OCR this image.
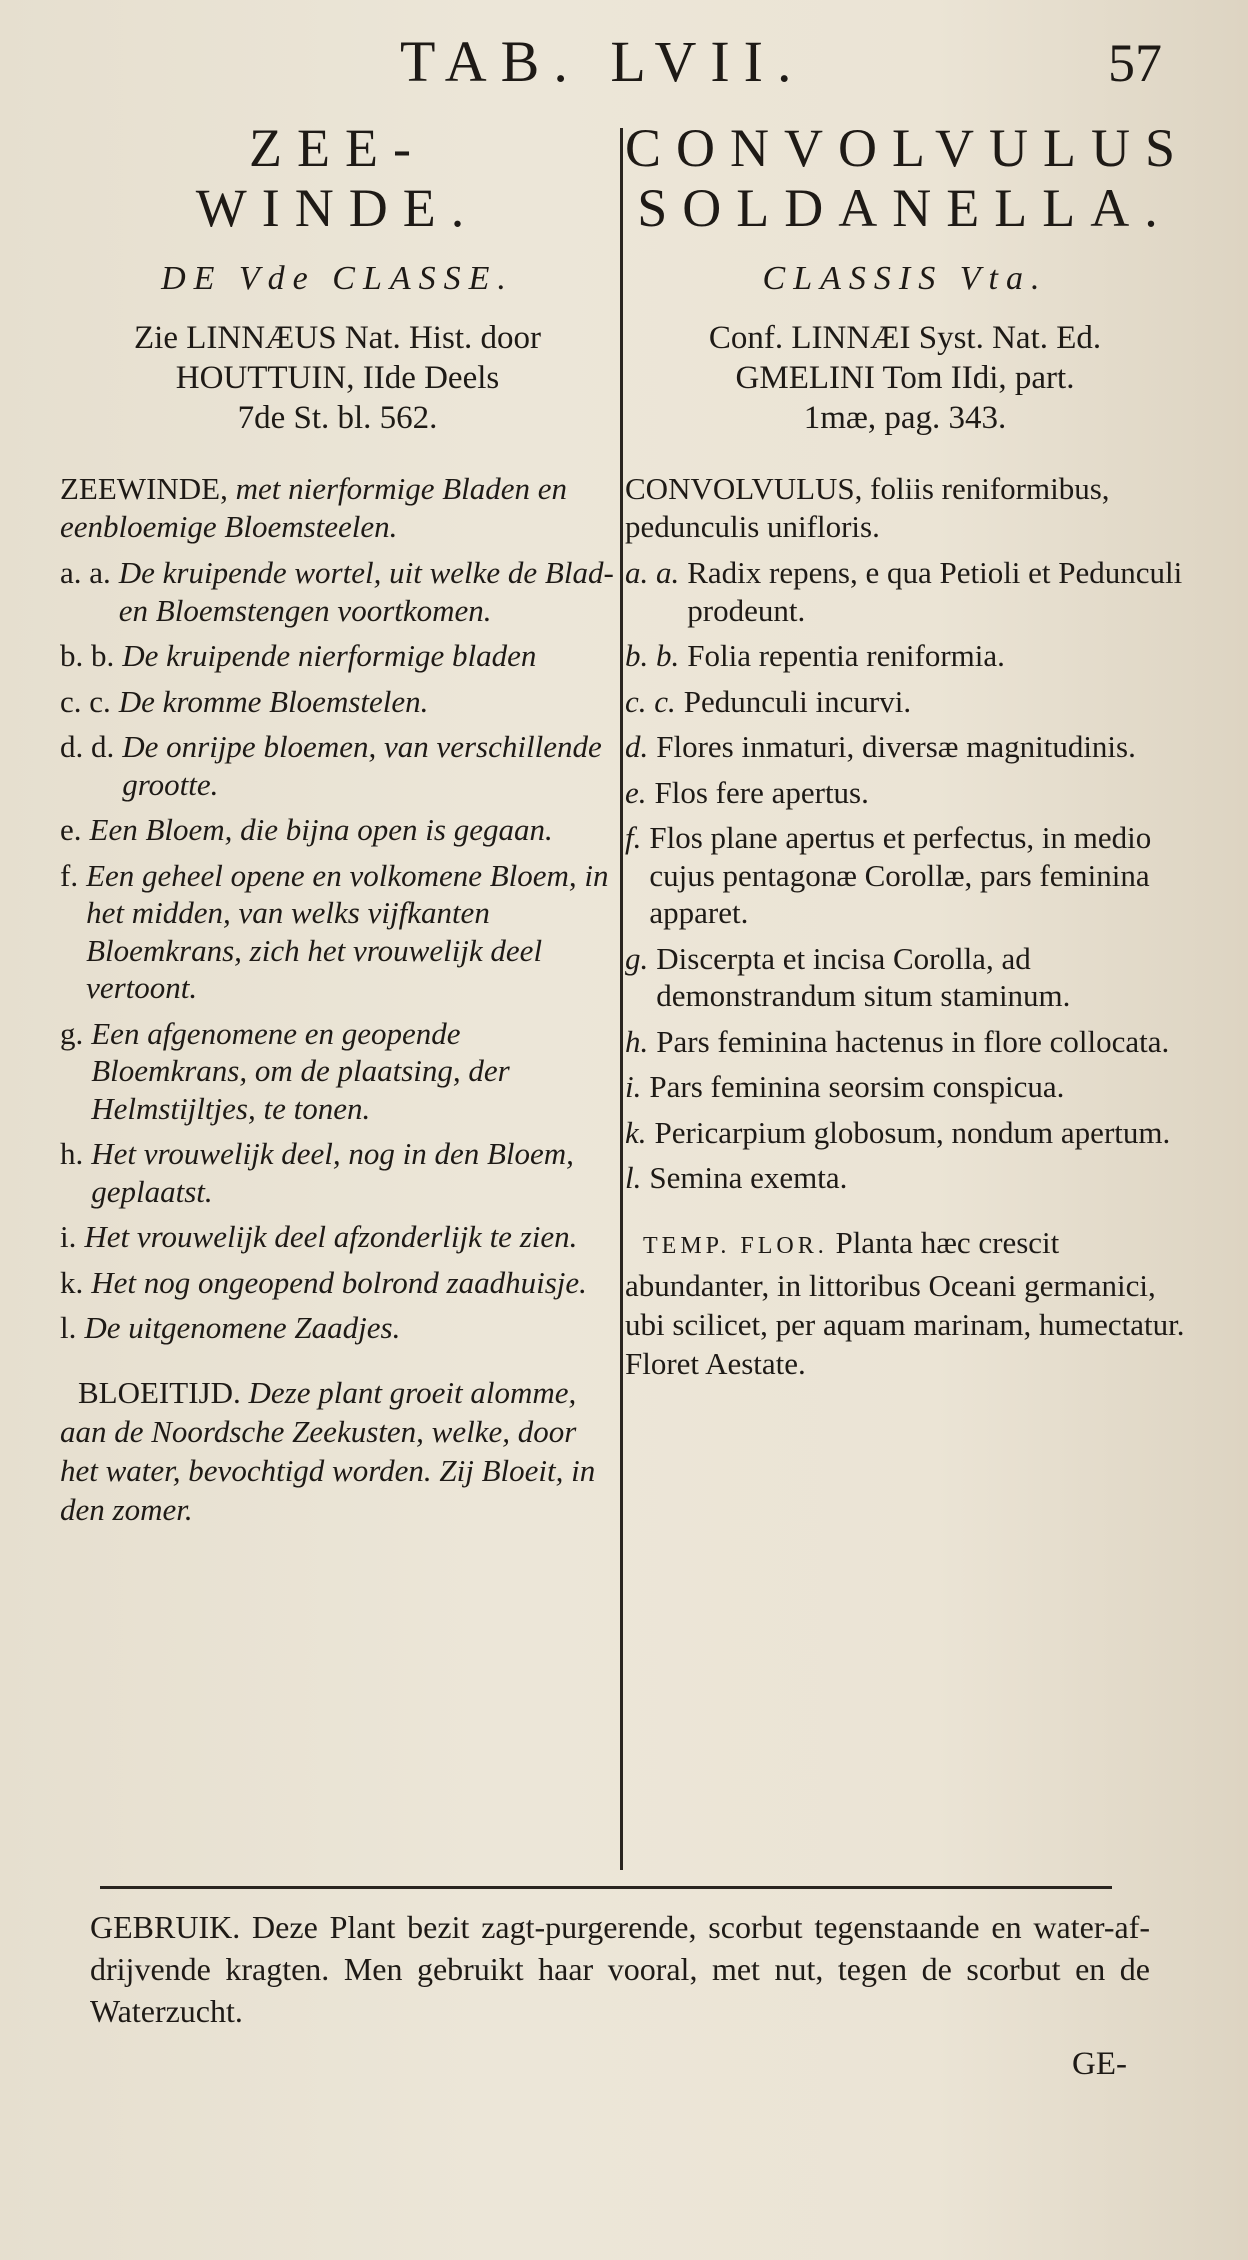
TAB. LVII.	57
ZEE-
WINDE.
DE Vde CLASSE.
Zie LINNÆUS Nat. Hist. door
HOUTTUIN, IIde Deels
7de St. bl. 562.
ZEEWINDE, met nierformige Bladen en eenbloemige Bloemsteelen.
a. a. De kruipende wortel, uit welke de Blad- en Bloemstengen voortkomen.
b. b. De kruipende nierformige bladen
c. c. De kromme Bloemstelen.
d. d. De onrijpe bloemen, van verschillende grootte.
e. Een Bloem, die bijna open is gegaan.
f. Een geheel opene en volkomene Bloem, in het midden, van welks vijfkanten Bloemkrans, zich het vrouwelijk deel vertoont.
g. Een afgenomene en geopende Bloemkrans, om de plaatsing, der Helmstijltjes, te tonen.
h. Het vrouwelijk deel, nog in den Bloem, geplaatst.
i. Het vrouwelijk deel afzonderlijk te zien.
k. Het nog ongeopend bolrond zaadhuisje.
l. De uitgenomene Zaadjes.
BLOEITIJD. Deze plant groeit alomme, aan de Noordsche Zeekusten, welke, door het water, bevochtigd worden. Zij Bloeit, in den zomer.
CONVOLVULUS
SOLDANELLA.
CLASSIS Vta.
Conf. LINNÆI Syst. Nat. Ed.
GMELINI Tom IIdi, part.
1mæ, pag. 343.
CONVOLVULUS, foliis reniformibus, pedunculis unifloris.
a. a. Radix repens, e qua Petioli et Pedunculi prodeunt.
b. b. Folia repentia reniformia.
c. c. Pedunculi incurvi.
d. Flores inmaturi, diversæ magnitudinis.
e. Flos fere apertus.
f. Flos plane apertus et perfectus, in medio cujus pentagonæ Corollæ, pars feminina apparet.
g. Discerpta et incisa Corolla, ad demonstrandum situm staminum.
h. Pars feminina hactenus in flore collocata.
i. Pars feminina seorsim conspicua.
k. Pericarpium globosum, nondum apertum.
l. Semina exemta.
TEMP. FLOR. Planta hæc crescit abundanter, in littoribus Oceani germanici, ubi scilicet, per aquam marinam, humectatur. Floret Aestate.
GEBRUIK. Deze Plant bezit zagt-purgerende, scorbut tegenstaande en water-af-drijvende kragten. Men gebruikt haar vooral, met nut, tegen de scorbut en de Waterzucht.
GE-
